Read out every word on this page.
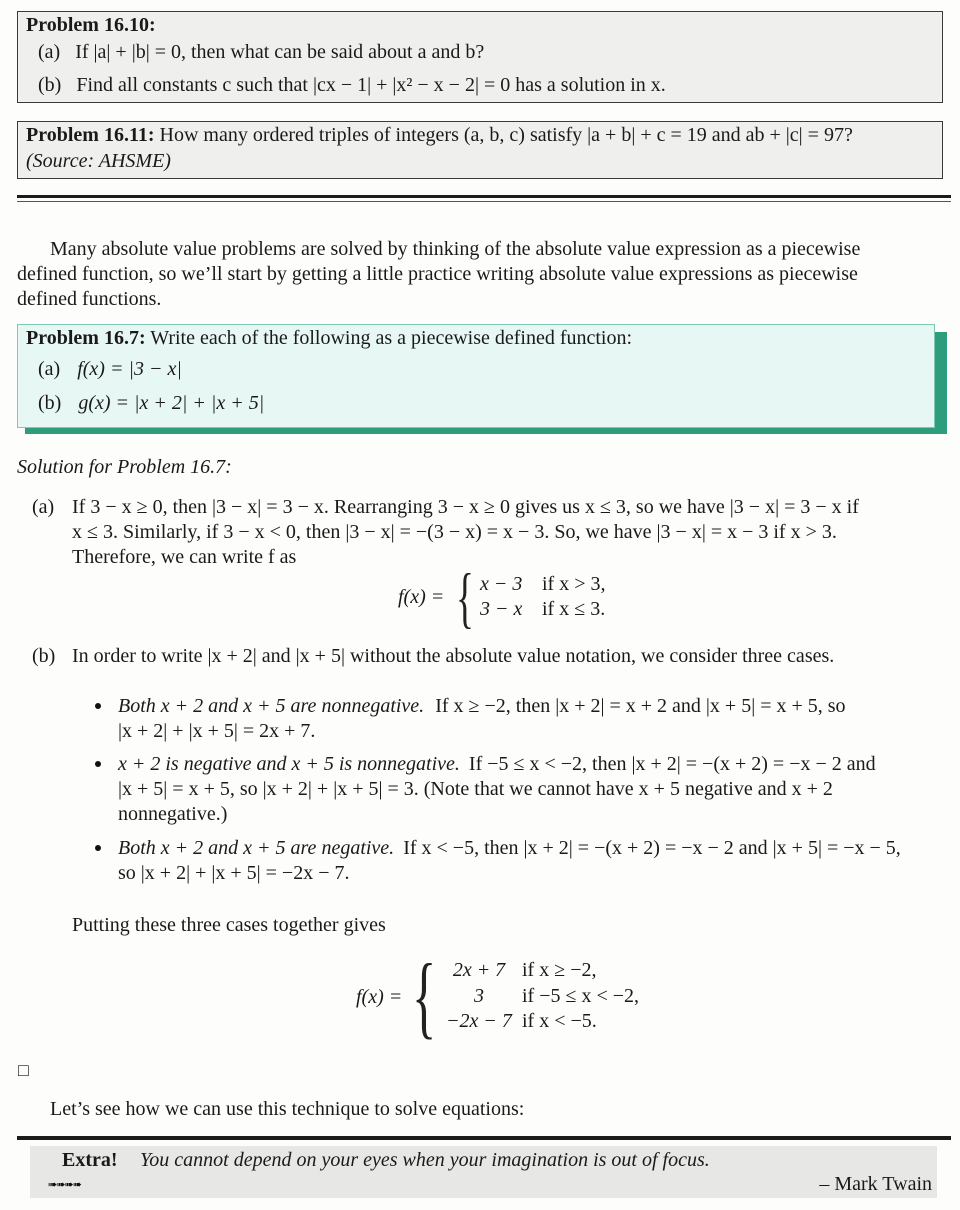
Problem 16.10:
(a) If |a| + |b| = 0, then what can be said about a and b?
(b) Find all constants c such that |cx − 1| + |x² − x − 2| = 0 has a solution in x.
Problem 16.11: How many ordered triples of integers (a, b, c) satisfy |a + b| + c = 19 and ab + |c| = 97?
(Source: AHSME)
Many absolute value problems are solved by thinking of the absolute value expression as a piecewise
defined function, so we’ll start by getting a little practice writing absolute value expressions as piecewise
defined functions.
Problem 16.7: Write each of the following as a piecewise defined function:
(a) f(x) = |3 − x|
(b) g(x) = |x + 2| + |x + 5|
Solution for Problem 16.7:
(a) If 3 − x ≥ 0, then |3 − x| = 3 − x. Rearranging 3 − x ≥ 0 gives us x ≤ 3, so we have |3 − x| = 3 − x if
x ≤ 3. Similarly, if 3 − x < 0, then |3 − x| = −(3 − x) = x − 3. So, we have |3 − x| = x − 3 if x > 3.
Therefore, we can write f as
f(x) = { x − 3 if x > 3,
3 − x if x ≤ 3.
(b) In order to write |x + 2| and |x + 5| without the absolute value notation, we consider three cases.
Both x + 2 and x + 5 are nonnegative. If x ≥ −2, then |x + 2| = x + 2 and |x + 5| = x + 5, so
|x + 2| + |x + 5| = 2x + 7.
x + 2 is negative and x + 5 is nonnegative. If −5 ≤ x < −2, then |x + 2| = −(x + 2) = −x − 2 and
|x + 5| = x + 5, so |x + 2| + |x + 5| = 3. (Note that we cannot have x + 5 negative and x + 2
nonnegative.)
Both x + 2 and x + 5 are negative. If x < −5, then |x + 2| = −(x + 2) = −x − 2 and |x + 5| = −x − 5,
so |x + 2| + |x + 5| = −2x − 7.
Putting these three cases together gives
f(x) = { 2x + 7 if x ≥ −2,
3 if −5 ≤ x < −2,
−2x − 7 if x < −5.
□
Let’s see how we can use this technique to solve equations:
Extra! You cannot depend on your eyes when your imagination is out of focus.
➠➠➠➠	– Mark Twain
